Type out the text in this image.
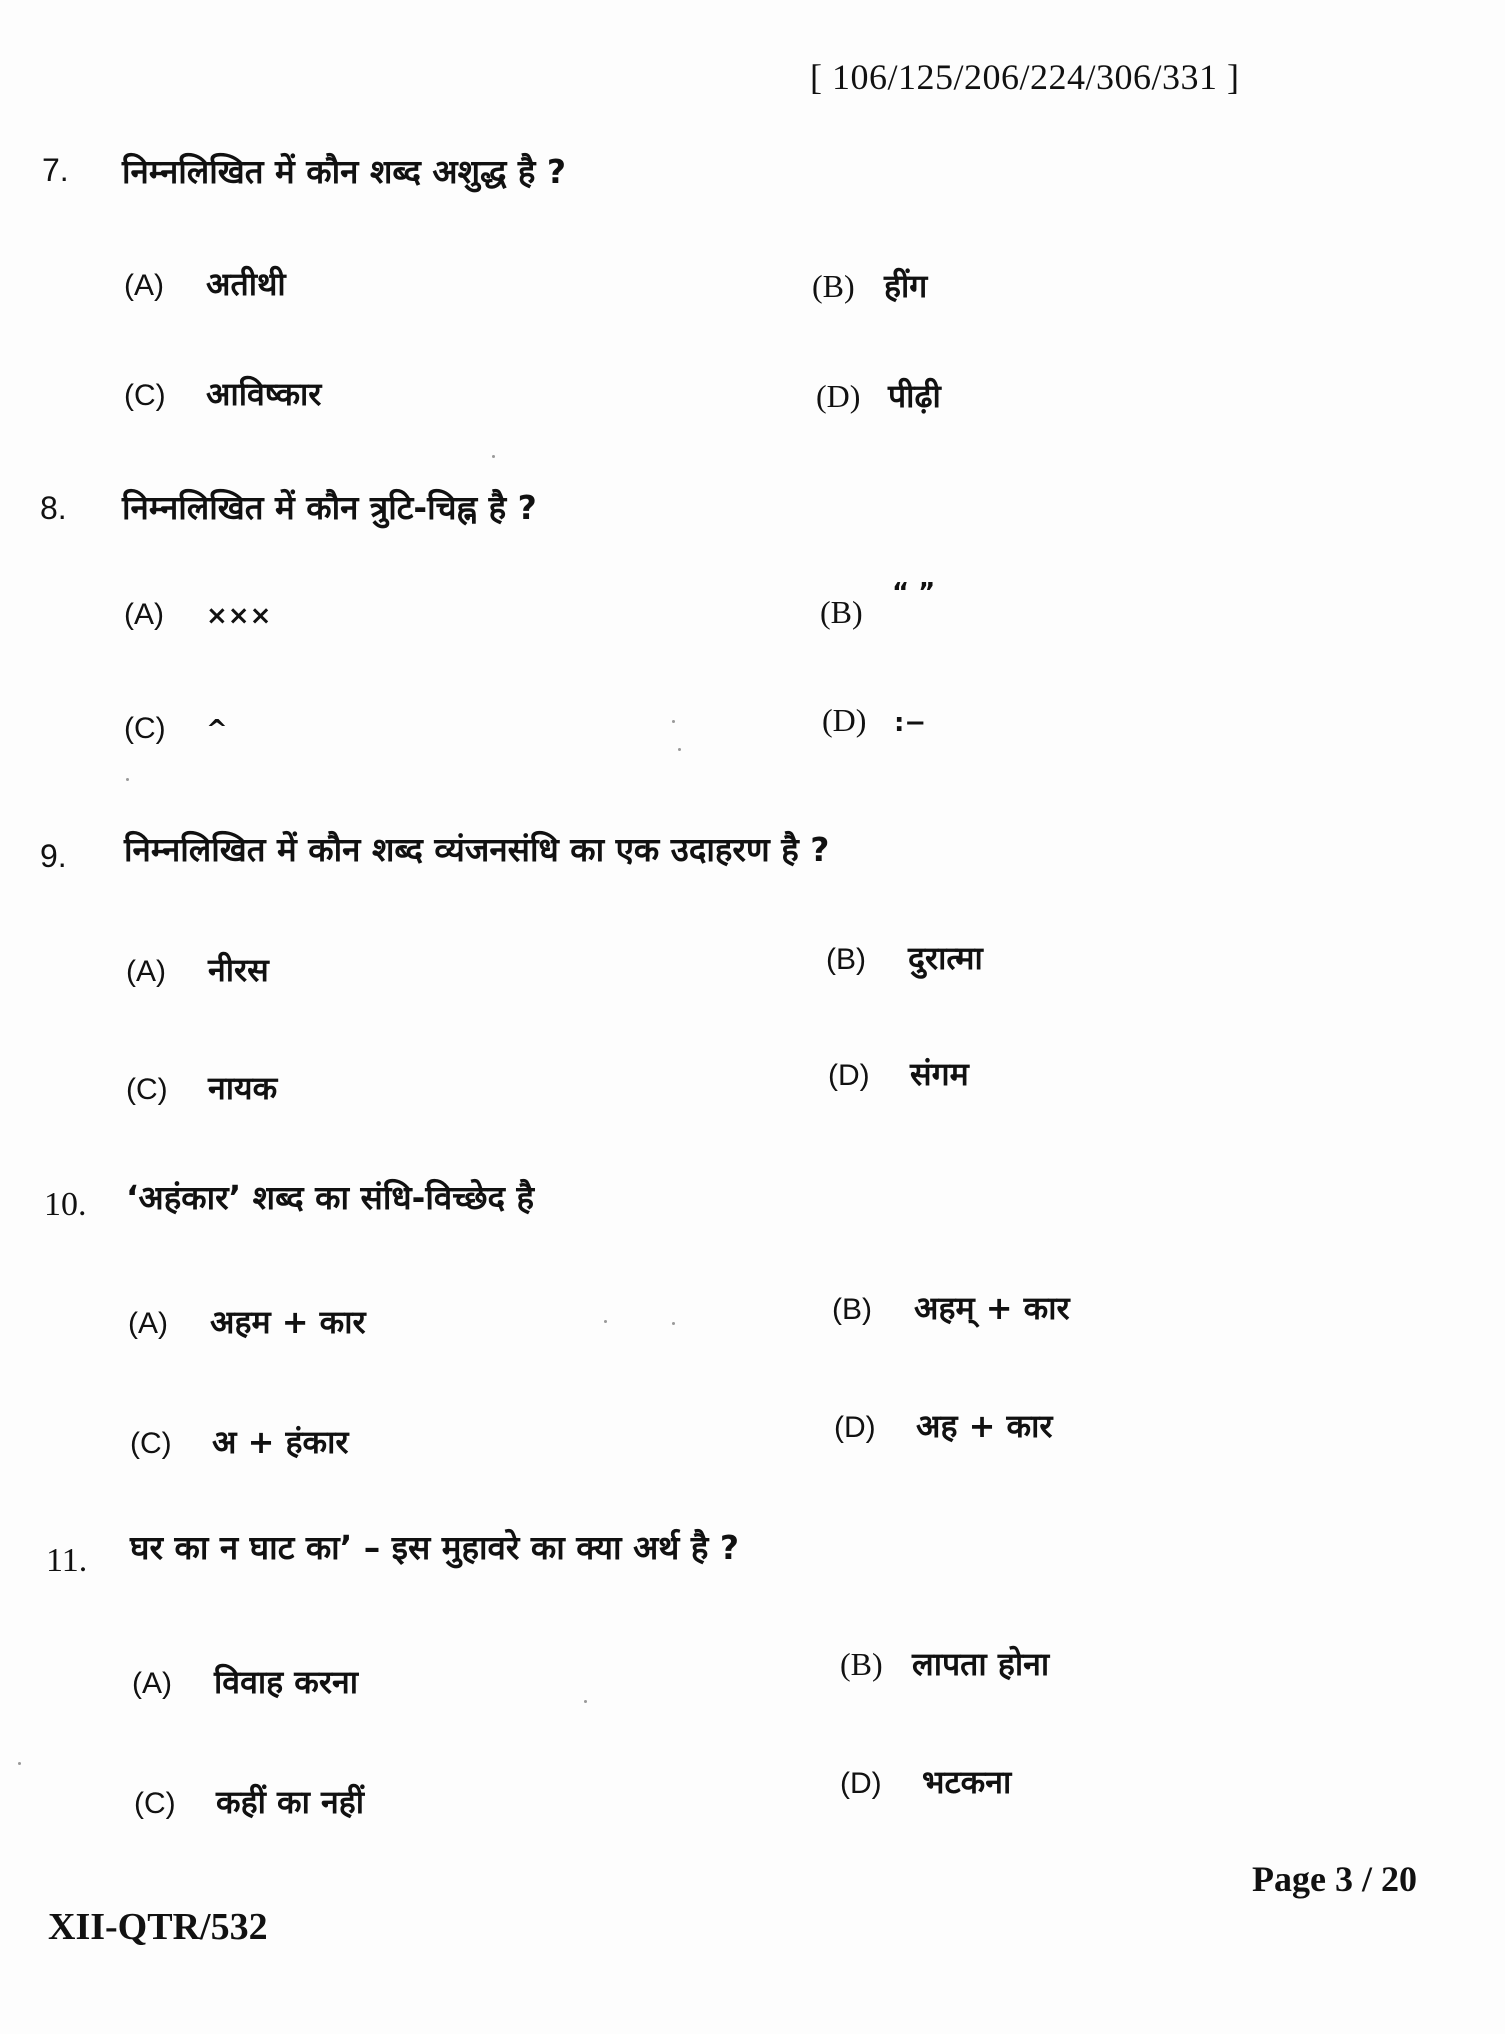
[ 106/125/206/224/306/331 ]
7. निम्नलिखित में कौन शब्द अशुद्ध है ?
(A)	अतीथी	(B) हींग
(C)	आविष्कार	(D) पीढ़ी
8. निम्नलिखित में कौन त्रुटि-चिह्न है ?
(A)	×××	(B)
“ ”
(C)	^	(D)	:−
9. निम्नलिखित में कौन शब्द व्यंजनसंधि का एक उदाहरण है ?
(A)	नीरस	(B)	दुरात्मा
(C)	नायक	(D)	संगम
10. ‘अहंकार’ शब्द का संधि-विच्छेद है
(A)	अहम + कार	(B)	अहम् + कार
(C)	अ + हंकार	(D)	अह + कार
11. घर का न घाट का’ – इस मुहावरे का क्या अर्थ है ?
(A)	विवाह करना	(B) लापता होना
(C)	कहीं का नहीं	(D)	भटकना
Page 3 / 20
XII-QTR/532
